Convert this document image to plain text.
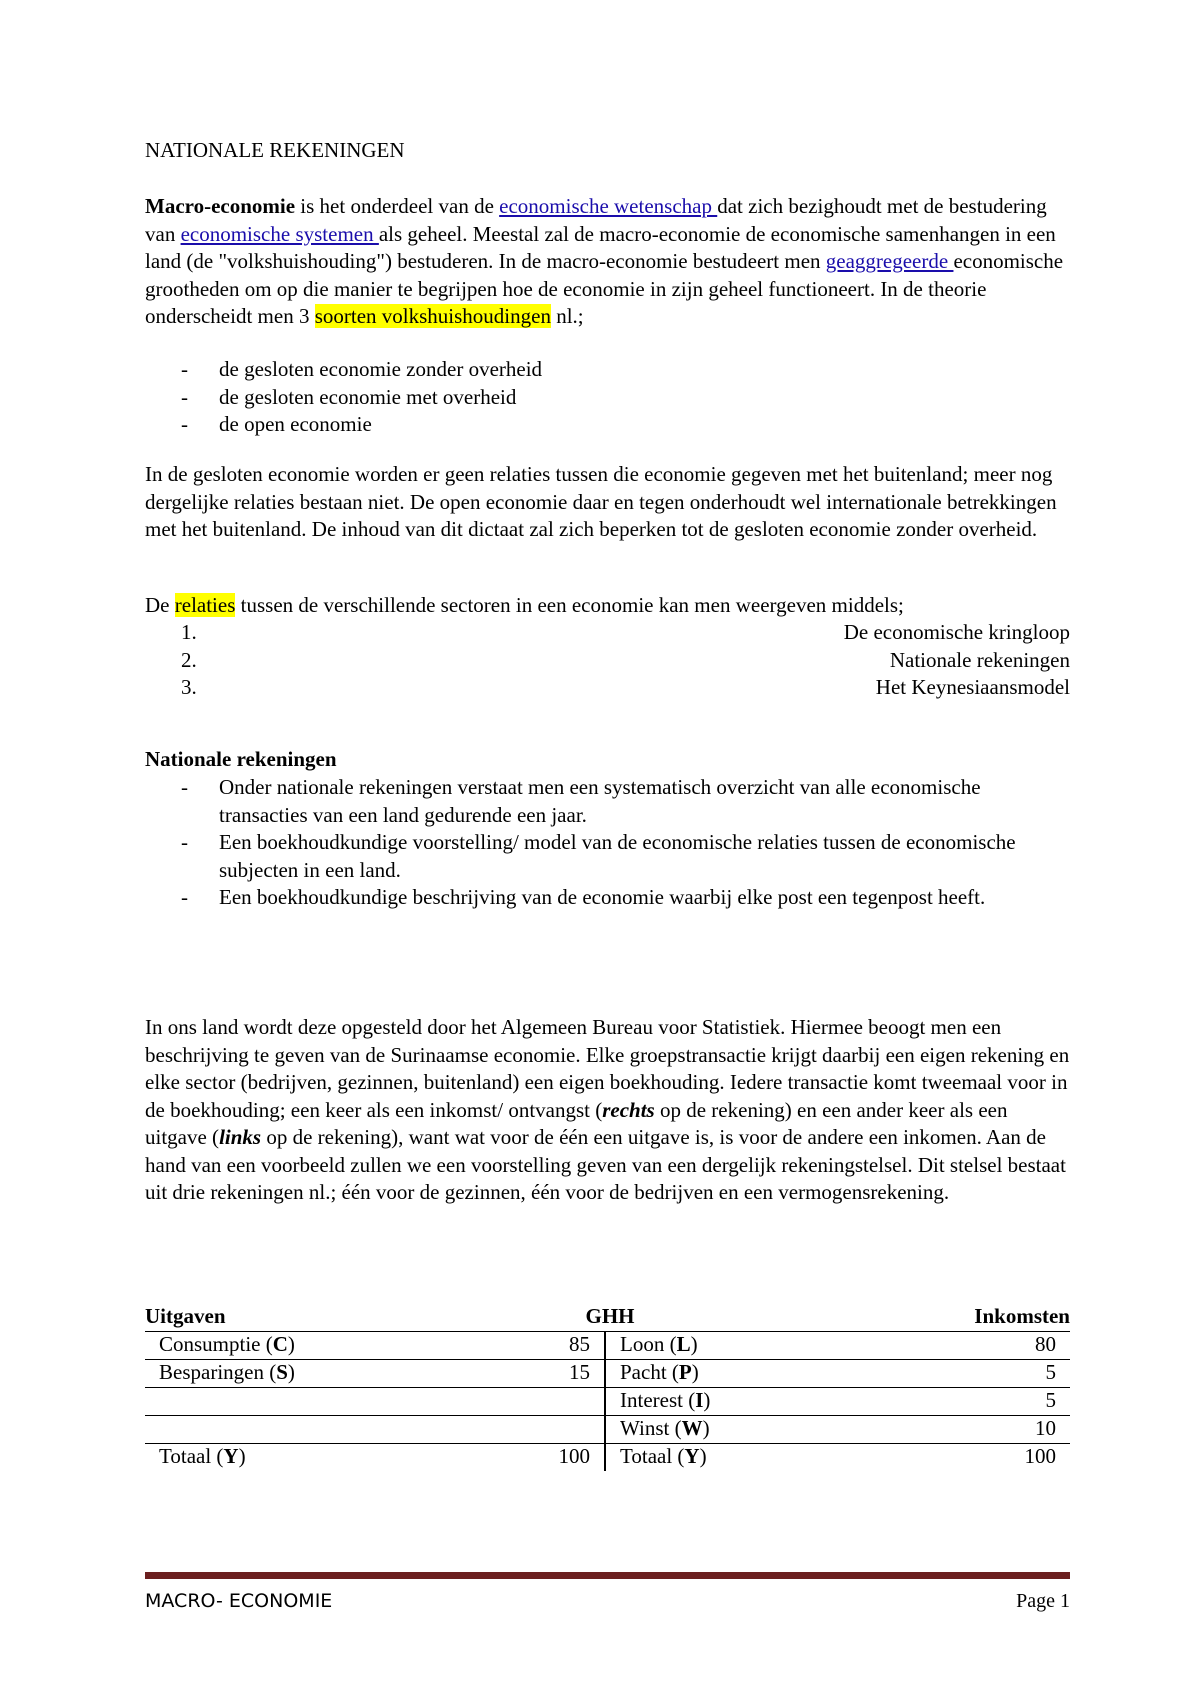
NATIONALE REKENINGEN

Macro-economie is het onderdeel van de economische wetenschap dat zich bezighoudt met de bestudering van economische systemen als geheel. Meestal zal de macro-economie de economische samenhangen in een land (de "volkshuishouding") bestuderen. In de macro-economie bestudeert men geaggregeerde economische grootheden om op die manier te begrijpen hoe de economie in zijn geheel functioneert. In de theorie onderscheidt men 3 soorten volkshuishoudingen nl.;

- de gesloten economie zonder overheid
- de gesloten economie met overheid
- de open economie

In de gesloten economie worden er geen relaties tussen die economie gegeven met het buitenland; meer nog dergelijke relaties bestaan niet. De open economie daar en tegen onderhoudt wel internationale betrekkingen met het buitenland. De inhoud van dit dictaat zal zich beperken tot de gesloten economie zonder overheid.

De relaties tussen de verschillende sectoren in een economie kan men weergeven middels;

1.	De economische kringloop
2.	Nationale rekeningen
3.	Het Keynesiaansmodel
Nationale rekeningen
- Onder nationale rekeningen verstaat men een systematisch overzicht van alle economische transacties van een land gedurende een jaar.
- Een boekhoudkundige voorstelling/ model van de economische relaties tussen de economische subjecten in een land.
- Een boekhoudkundige beschrijving van de economie waarbij elke post een tegenpost heeft.

In ons land wordt deze opgesteld door het Algemeen Bureau voor Statistiek. Hiermee beoogt men een beschrijving te geven van de Surinaamse economie. Elke groepstransactie krijgt daarbij een eigen rekening en elke sector (bedrijven, gezinnen, buitenland) een eigen boekhouding. Iedere transactie komt tweemaal voor in de boekhouding; een keer als een inkomst/ ontvangst (rechts op de rekening) en een ander keer als een uitgave (links op de rekening), want wat voor de één een uitgave is, is voor de andere een inkomen. Aan de hand van een voorbeeld zullen we een voorstelling geven van een dergelijk rekeningstelsel. Dit stelsel bestaat uit drie rekeningen nl.; één voor de gezinnen, één voor de bedrijven en een vermogensrekening.

Uitgaven	GHH		Inkomsten
Consumptie (C)	85	Loon (L)	80
Besparingen (S)	15	Pacht (P)	5
		Interest (I)	5
		Winst (W)	10
Totaal (Y)	100	Totaal (Y)	100
MACRO- ECONOMIE	Page 1
